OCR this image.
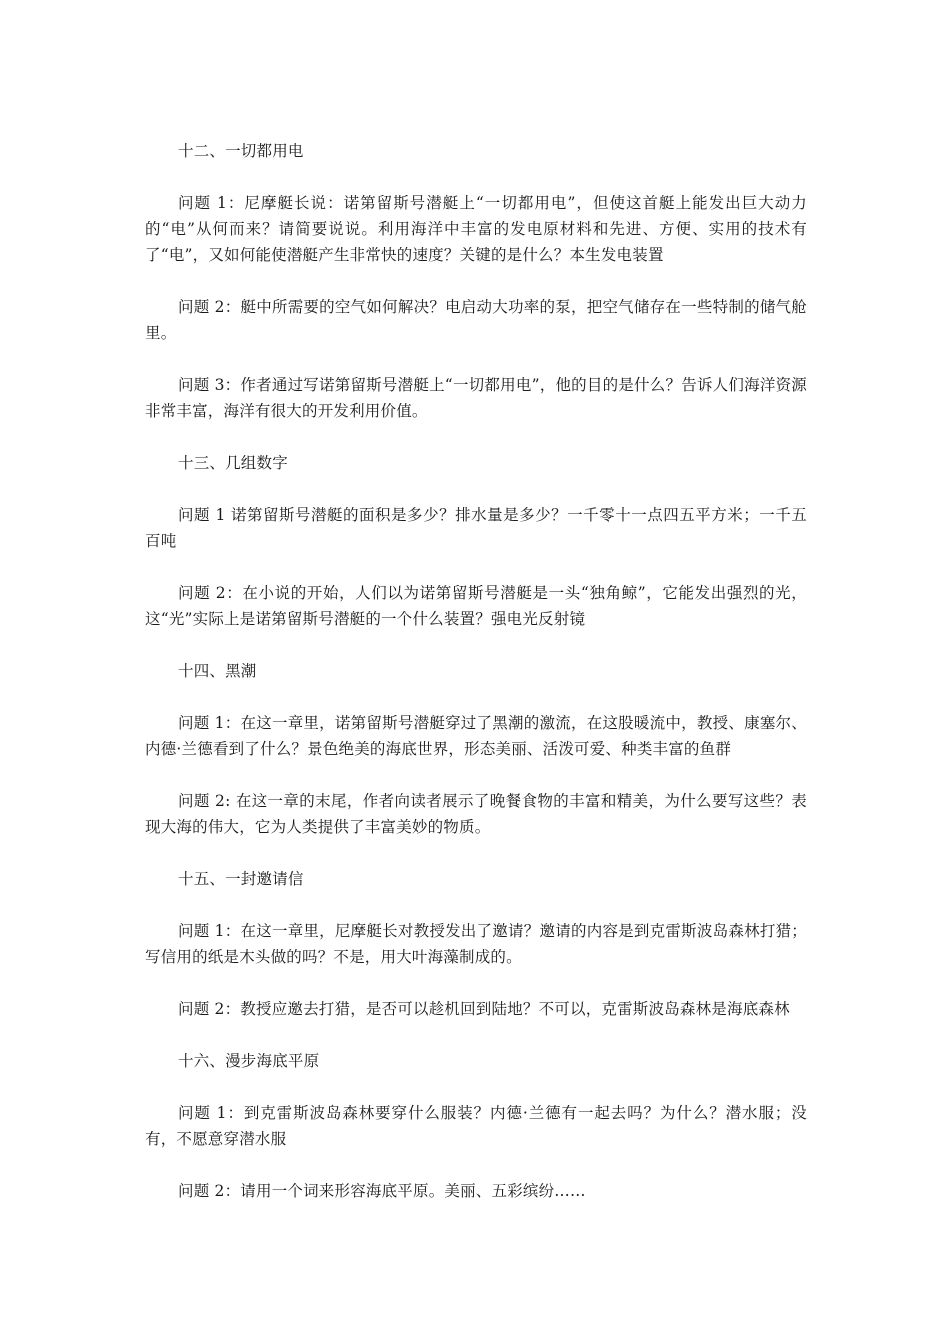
十二、一切都用电

问题 1：尼摩艇长说：诺第留斯号潜艇上“一切都用电”，但使这首艇上能发出巨大动力的“电”从何而来？请简要说说。利用海洋中丰富的发电原材料和先进、方便、实用的技术有了“电”，又如何能使潜艇产生非常快的速度？关键的是什么？本生发电装置

问题 2：艇中所需要的空气如何解决？电启动大功率的泵，把空气储存在一些特制的储气舱里。

问题 3：作者通过写诺第留斯号潜艇上“一切都用电”，他的目的是什么？告诉人们海洋资源非常丰富，海洋有很大的开发利用价值。

十三、几组数字

问题 1 诺第留斯号潜艇的面积是多少？排水量是多少？一千零十一点四五平方米；一千五百吨

问题 2：在小说的开始，人们以为诺第留斯号潜艇是一头“独角鲸”，它能发出强烈的光，这“光”实际上是诺第留斯号潜艇的一个什么装置？强电光反射镜

十四、黑潮

问题 1：在这一章里，诺第留斯号潜艇穿过了黑潮的激流，在这股暖流中，教授、康塞尔、内德·兰德看到了什么？景色绝美的海底世界，形态美丽、活泼可爱、种类丰富的鱼群

问题 2: 在这一章的末尾，作者向读者展示了晚餐食物的丰富和精美，为什么要写这些？表现大海的伟大，它为人类提供了丰富美妙的物质。

十五、一封邀请信

问题 1：在这一章里，尼摩艇长对教授发出了邀请？邀请的内容是到克雷斯波岛森林打猎；写信用的纸是木头做的吗？不是，用大叶海藻制成的。

问题 2：教授应邀去打猎，是否可以趁机回到陆地？不可以，克雷斯波岛森林是海底森林

十六、漫步海底平原

问题 1：到克雷斯波岛森林要穿什么服装？内德·兰德有一起去吗？为什么？潜水服；没有，不愿意穿潜水服

问题 2：请用一个词来形容海底平原。美丽、五彩缤纷……
